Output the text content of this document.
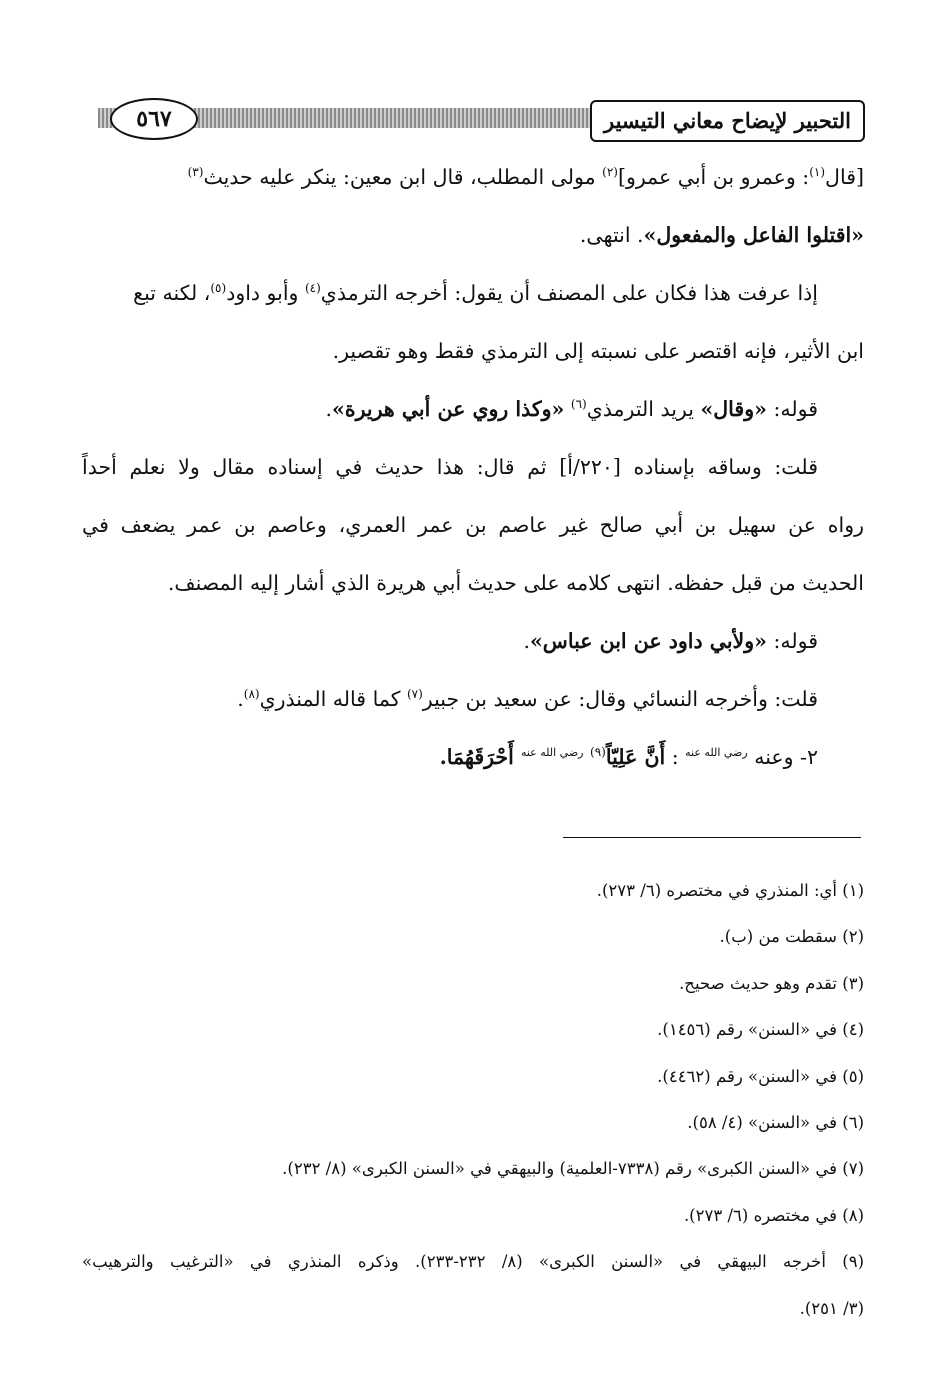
التحبير لإيضاح معاني التيسير
٥٦٧
[قال$^{(١)}$: وعمرو بن أبي عمرو]$^{(٢)}$ مولى المطلب، قال ابن معين: ينكر عليه حديث$^{(٣)}$
«اقتلوا الفاعل والمفعول». انتهى.
إذا عرفت هذا فكان على المصنف أن يقول: أخرجه الترمذي$^{(٤)}$ وأبو داود$^{(٥)}$، لكنه تبع
ابن الأثير، فإنه اقتصر على نسبته إلى الترمذي فقط وهو تقصير.
قوله: «وقال» يريد الترمذي$^{(٦)}$ «وكذا روي عن أبي هريرة».
قلت: وساقه بإسناده [٢٢٠/أ] ثم قال: هذا حديث في إسناده مقال ولا نعلم أحداً
رواه عن سهيل بن أبي صالح غير عاصم بن عمر العمري، وعاصم بن عمر يضعف في
الحديث من قبل حفظه. انتهى كلامه على حديث أبي هريرة الذي أشار إليه المصنف.
قوله: «ولأبي داود عن ابن عباس».
قلت: وأخرجه النسائي وقال: عن سعيد بن جبير$^{(٧)}$ كما قاله المنذري$^{(٨)}$.
٢- وعنه $^{رضي الله عنه}$ : أَنَّ عَلِيّاً$^{(٩)}$ $^{رضي الله عنه}$ أَحْرَقَهُمَا.
(١) أي: المنذري في مختصره (٦/ ٢٧٣).
(٢) سقطت من (ب).
(٣) تقدم وهو حديث صحيح.
(٤) في «السنن» رقم (١٤٥٦).
(٥) في «السنن» رقم (٤٤٦٢).
(٦) في «السنن» (٤/ ٥٨).
(٧) في «السنن الكبرى» رقم (٧٣٣٨-العلمية) والبيهقي في «السنن الكبرى» (٨/ ٢٣٢).
(٨) في مختصره (٦/ ٢٧٣).
(٩) أخرجه البيهقي في «السنن الكبرى» (٨/ ٢٣٢-٢٣٣). وذكره المنذري في «الترغيب والترهيب»
(٣/ ٢٥١).
